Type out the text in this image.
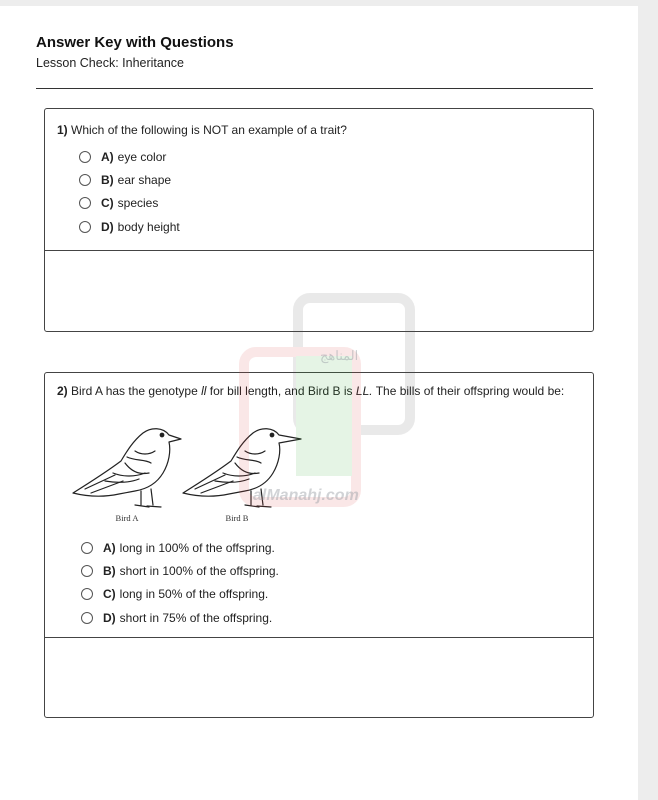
Answer Key with Questions
Lesson Check: Inheritance
1) Which of the following is NOT an example of a trait?
A) eye color
B) ear shape
C) species
D) body height
2) Bird A has the genotype ll for bill length, and Bird B is LL. The bills of their offspring would be:
Bird A	Bird B
A) long in 100% of the offspring.
B) short in 100% of the offspring.
C) long in 50% of the offspring.
D) short in 75% of the offspring.
المناهج
alManahj.com
